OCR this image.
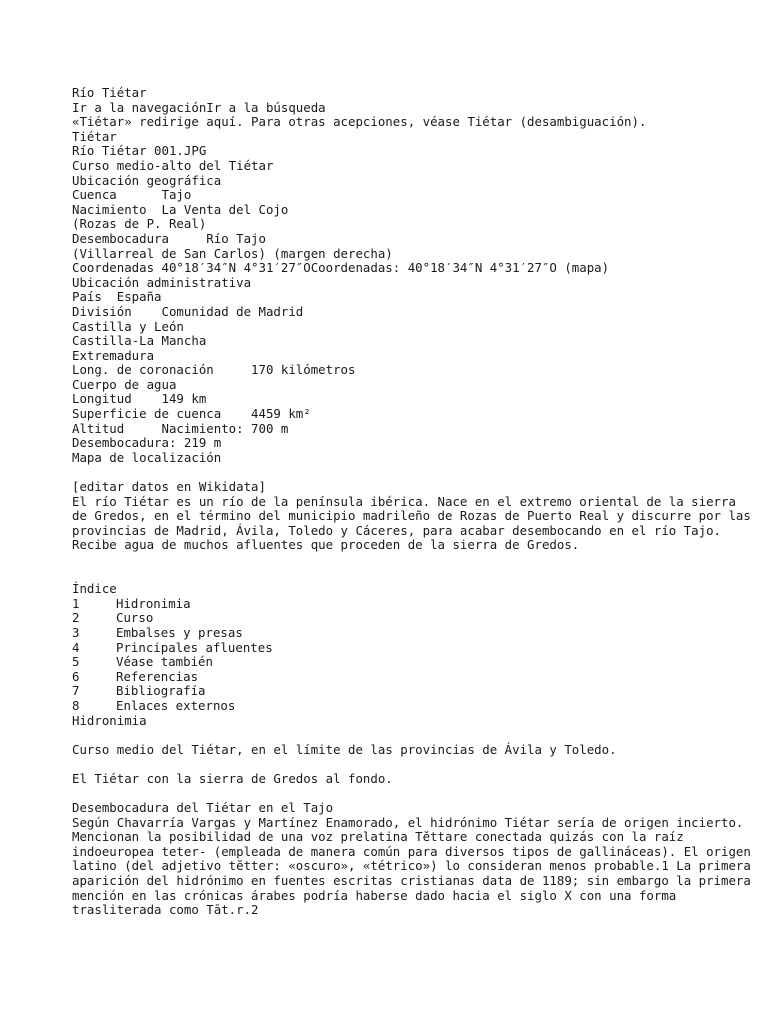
Río Tiétar
Ir a la navegaciónIr a la búsqueda
«Tiétar» redirige aquí. Para otras acepciones, véase Tiétar (desambiguación).
Tiétar
Río Tiétar 001.JPG
Curso medio-alto del Tiétar
Ubicación geográfica
Cuenca      Tajo
Nacimiento  La Venta del Cojo
(Rozas de P. Real)
Desembocadura     Río Tajo
(Villarreal de San Carlos) (margen derecha)
Coordenadas 40°18′34″N 4°31′27″OCoordenadas: 40°18′34″N 4°31′27″O (mapa)
Ubicación administrativa
País  España
División    Comunidad de Madrid
Castilla y León
Castilla-La Mancha
Extremadura
Long. de coronación     170 kilómetros
Cuerpo de agua
Longitud    149 km
Superficie de cuenca    4459 km²
Altitud     Nacimiento: 700 m
Desembocadura: 219 m
Mapa de localización
[editar datos en Wikidata]
El río Tiétar es un río de la península ibérica. Nace en el extremo oriental de la sierra de Gredos, en el término del municipio madrileño de Rozas de Puerto Real y discurre por las provincias de Madrid, Ávila, Toledo y Cáceres, para acabar desembocando en el río Tajo. Recibe agua de muchos afluentes que proceden de la sierra de Gredos.
Índice
1	Hidronimia
2	Curso
3	Embalses y presas
4	Principales afluentes
5	Véase también
6	Referencias
7	Bibliografía
8	Enlaces externos
Hidronimia
Curso medio del Tiétar, en el límite de las provincias de Ávila y Toledo.
El Tiétar con la sierra de Gredos al fondo.
Desembocadura del Tiétar en el Tajo
Según Chavarría Vargas y Martínez Enamorado, el hidrónimo Tiétar sería de origen incierto. Mencionan la posibilidad de una voz prelatina Tĕttare conectada quizás con la raíz indoeuropea teter- (empleada de manera común para diversos tipos de gallináceas). El origen latino (del adjetivo tĕtter: «oscuro», «tétrico») lo consideran menos probable.1 La primera aparición del hidrónimo en fuentes escritas cristianas data de 1189; sin embargo la primera mención en las crónicas árabes podría haberse dado hacia el siglo X con una forma trasliterada como Tāt.r.2
